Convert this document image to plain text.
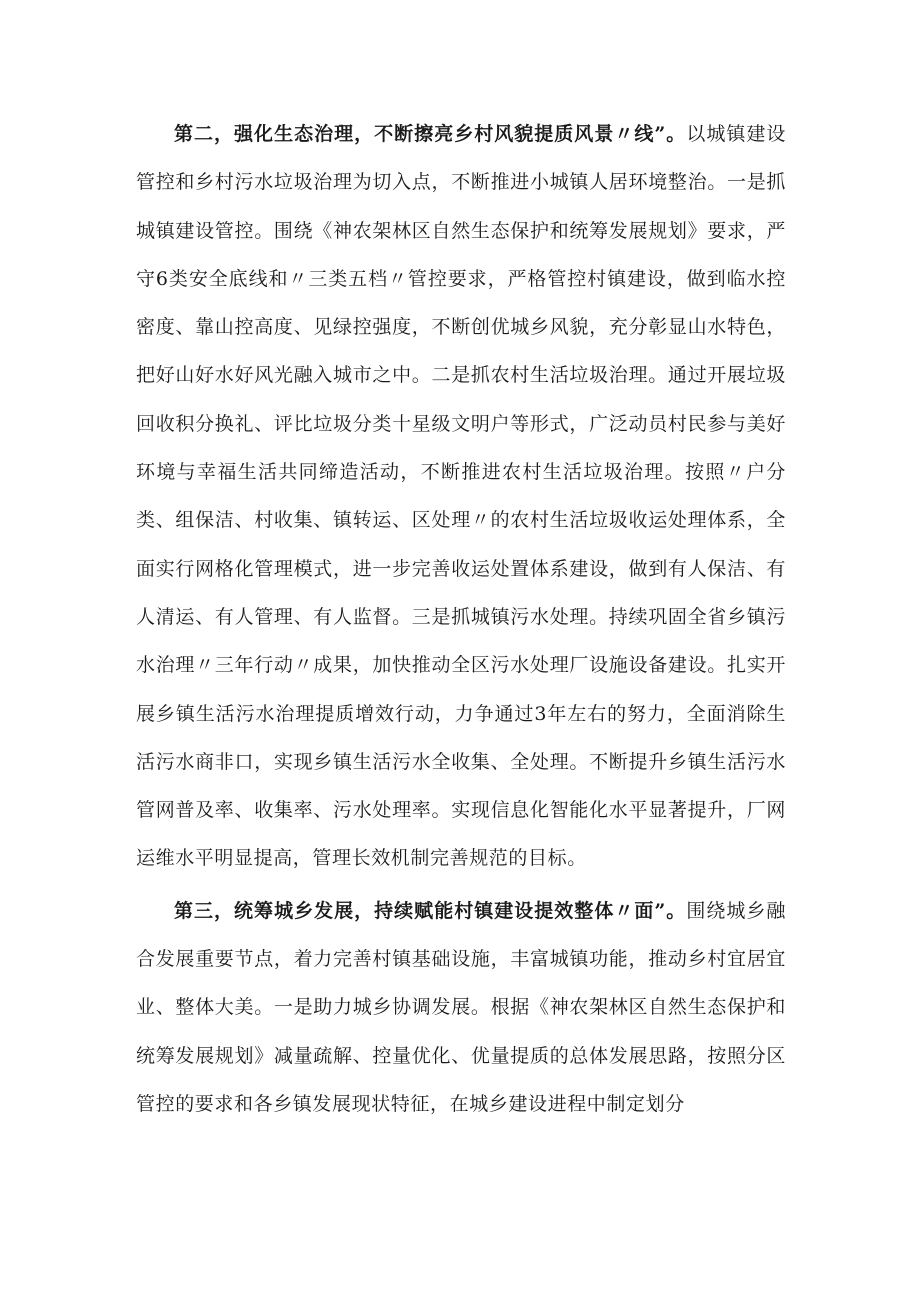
第二，强化生态治理，不断擦亮乡村风貌提质风景〃线”。以城镇建设管控和乡村污水垃圾治理为切入点，不断推进小城镇人居环境整治。一是抓城镇建设管控。围绕《神农架林区自然生态保护和统筹发展规划》要求，严守6类安全底线和〃三类五档〃管控要求，严格管控村镇建设，做到临水控密度、靠山控高度、见绿控强度，不断创优城乡风貌，充分彰显山水特色，把好山好水好风光融入城市之中。二是抓农村生活垃圾治理。通过开展垃圾回收积分换礼、评比垃圾分类十星级文明户等形式，广泛动员村民参与美好环境与幸福生活共同缔造活动，不断推进农村生活垃圾治理。按照〃户分类、组保洁、村收集、镇转运、区处理〃的农村生活垃圾收运处理体系，全面实行网格化管理模式，进一步完善收运处置体系建设，做到有人保洁、有人清运、有人管理、有人监督。三是抓城镇污水处理。持续巩固全省乡镇污水治理〃三年行动〃成果，加快推动全区污水处理厂设施设备建设。扎实开展乡镇生活污水治理提质增效行动，力争通过3年左右的努力，全面消除生活污水商非口，实现乡镇生活污水全收集、全处理。不断提升乡镇生活污水管网普及率、收集率、污水处理率。实现信息化智能化水平显著提升，厂网运维水平明显提高，管理长效机制完善规范的目标。

第三，统筹城乡发展，持续赋能村镇建设提效整体〃面”。围绕城乡融合发展重要节点，着力完善村镇基础设施，丰富城镇功能，推动乡村宜居宜业、整体大美。一是助力城乡协调发展。根据《神农架林区自然生态保护和统筹发展规划》减量疏解、控量优化、优量提质的总体发展思路，按照分区管控的要求和各乡镇发展现状特征，在城乡建设进程中制定划分
